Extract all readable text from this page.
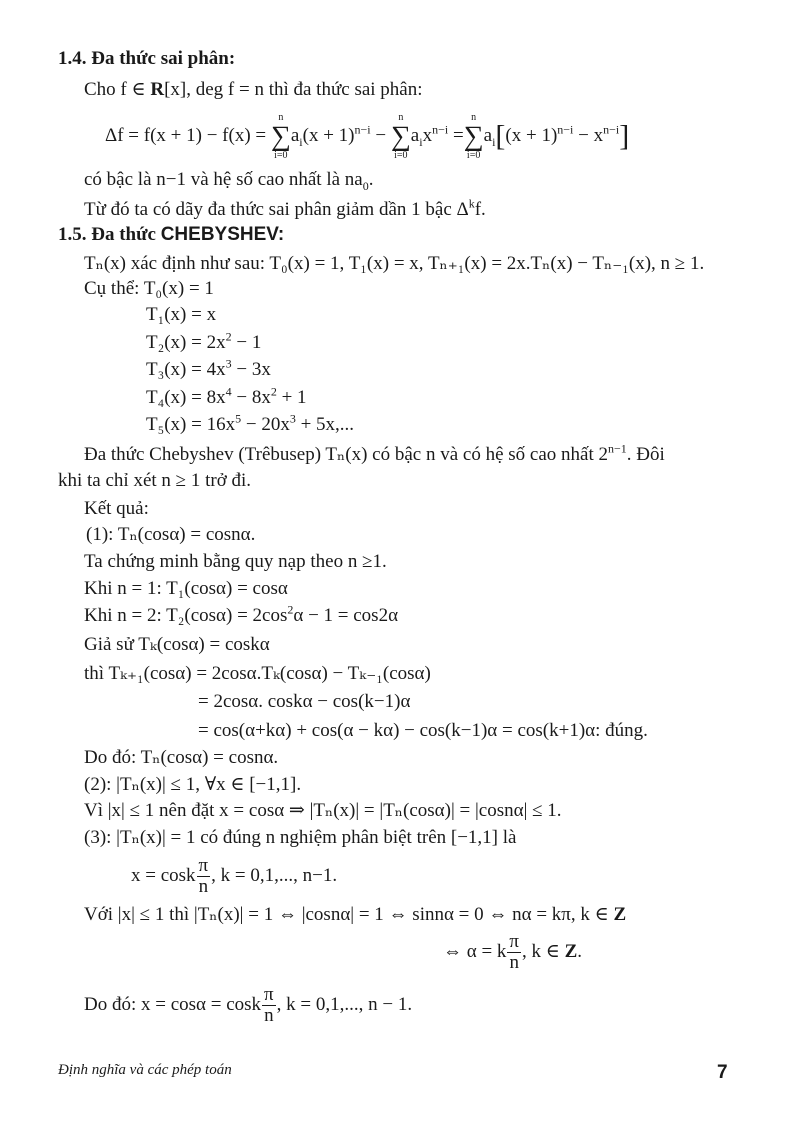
1.4. Đa thức sai phân:
Cho f ∈ R[x], deg f = n thì đa thức sai phân:
Δf = f(x + 1) − f(x) =
n
∑
i=0
$a_i(x + 1)^{n-i}$ −
n
∑
i=0
$a_ix^{n-i}$ =
n
∑
i=0
$a_i[(x + 1)^{n-i} - x^{n-i}]$
có bậc là n−1 và hệ số cao nhất là $na_0$.
Từ đó ta có dãy đa thức sai phân giảm dần 1 bậc $\Delta^kf$.
1.5. Đa thức CHEBYSHEV:
Tₙ(x) xác định như sau: T₀(x) = 1, T₁(x) = x, Tₙ₊₁(x) = 2x.Tₙ(x) − Tₙ₋₁(x), n ≥ 1.
Cụ thể: T₀(x) = 1
T₁(x) = x
$T_2(x) = 2x^2 - 1$
$T_3(x) = 4x^3 - 3x$
$T_4(x) = 8x^4 - 8x^2 + 1$
$T_5(x) = 16x^5 - 20x^3 + 5x$,...
Đa thức Chebyshev (Trêbusep) Tₙ(x) có bậc n và có hệ số cao nhất $2^{n-1}$. Đôi
khi ta chỉ xét n ≥ 1 trở đi.
Kết quả:
(1): Tₙ(cosα) = cosnα.
Ta chứng minh bằng quy nạp theo n ≥1.
Khi n = 1: T₁(cosα) = cosα
Khi n = 2: $T_2(\cos\alpha) = 2\cos^2\alpha - 1 = \cos 2\alpha$
Giả sử Tₖ(cosα) = coskα
thì Tₖ₊₁(cosα) = 2cosα.Tₖ(cosα) − Tₖ₋₁(cosα)
= 2cosα. coskα − cos(k−1)α
= cos(α+kα) + cos(α − kα) − cos(k−1)α = cos(k+1)α: đúng.
Do đó: Tₙ(cosα) = cosnα.
(2): |Tₙ(x)| ≤ 1, ∀x ∈ [−1,1].
Vì |x| ≤ 1 nên đặt x = cosα ⇒ |Tₙ(x)| = |Tₙ(cosα)| = |cosnα| ≤ 1.
(3): |Tₙ(x)| = 1 có đúng n nghiệm phân biệt trên [−1,1] là
x = cosk $\frac{\pi}{n}$ , k = 0,1,..., n−1.
Với |x| ≤ 1 thì |Tₙ(x)| = 1 ⇔ |cosnα| = 1 ⇔ sinnα = 0 ⇔ nα = kπ, k ∈ Z
⇔ α = k $\frac{\pi}{n}$ , k ∈ Z.
Do đó: x = cosα = cosk $\frac{\pi}{n}$ , k = 0,1,..., n − 1.
Định nghĩa và các phép toán	7
